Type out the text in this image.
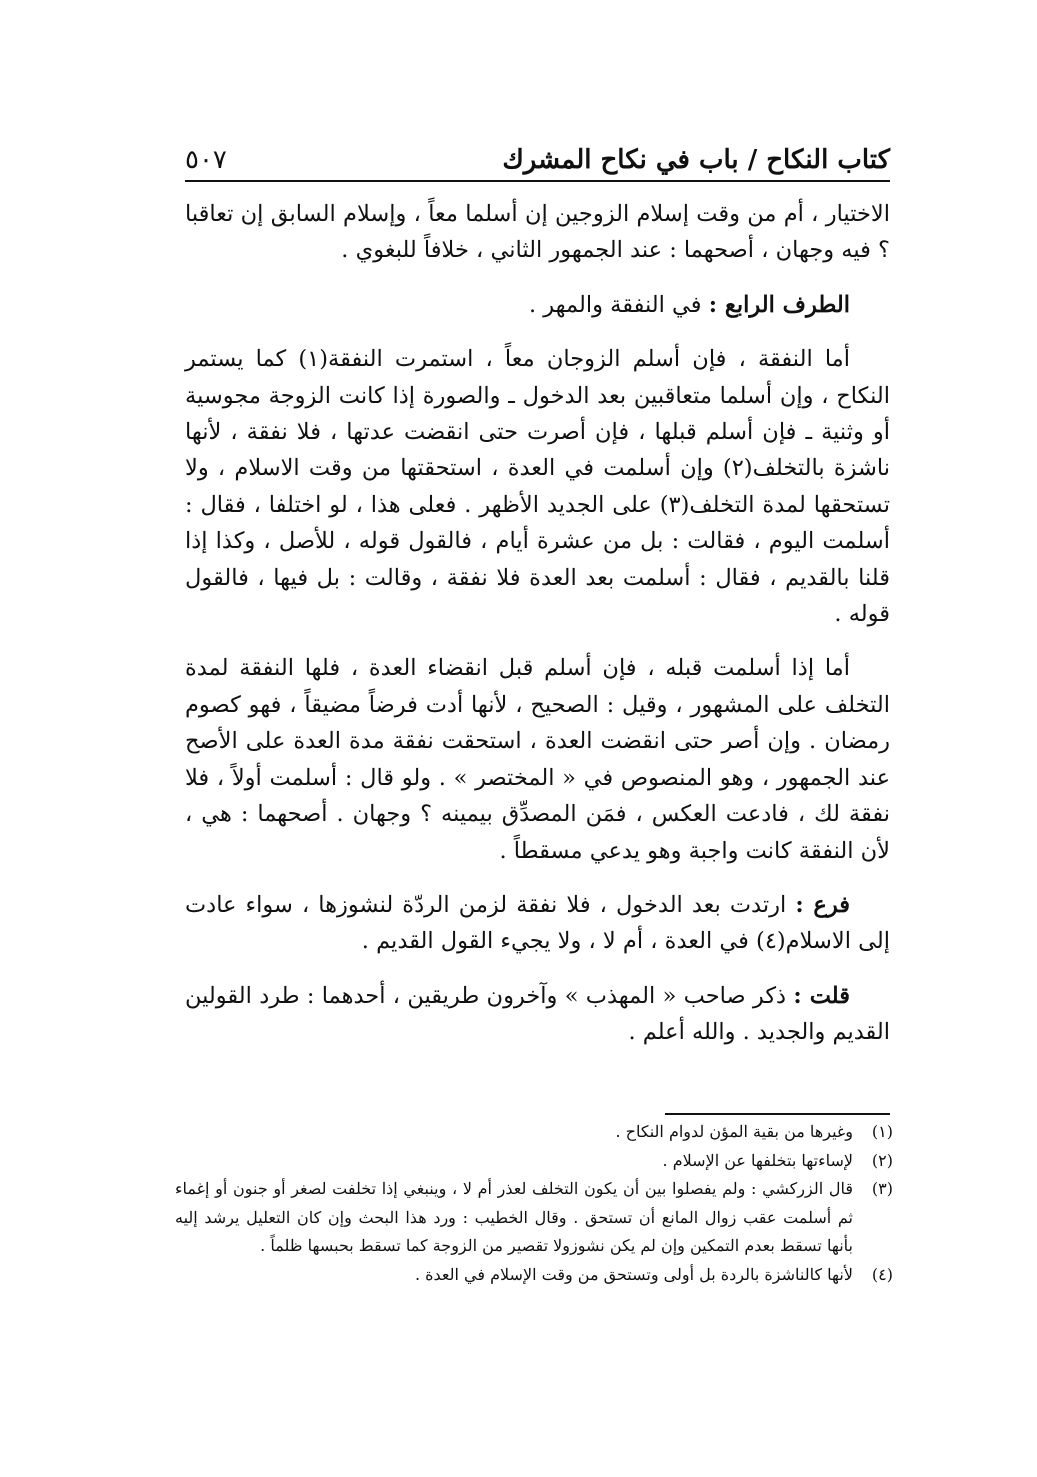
كتاب النكاح / باب في نكاح المشرك
٥٠٧

الاختيار ، أم من وقت إسلام الزوجين إن أسلما معاً ، وإسلام السابق إن تعاقبا ؟ فيه وجهان ، أصحهما : عند الجمهور الثاني ، خلافاً للبغوي .

الطرف الرابع : في النفقة والمهر .

أما النفقة ، فإن أسلم الزوجان معاً ، استمرت النفقة(١) كما يستمر النكاح ، وإن أسلما متعاقبين بعد الدخول ـ والصورة إذا كانت الزوجة مجوسية أو وثنية ـ فإن أسلم قبلها ، فإن أصرت حتى انقضت عدتها ، فلا نفقة ، لأنها ناشزة بالتخلف(٢) وإن أسلمت في العدة ، استحقتها من وقت الاسلام ، ولا تستحقها لمدة التخلف(٣) على الجديد الأظهر . فعلى هذا ، لو اختلفا ، فقال : أسلمت اليوم ، فقالت : بل من عشرة أيام ، فالقول قوله ، للأصل ، وكذا إذا قلنا بالقديم ، فقال : أسلمت بعد العدة فلا نفقة ، وقالت : بل فيها ، فالقول قوله .

أما إذا أسلمت قبله ، فإن أسلم قبل انقضاء العدة ، فلها النفقة لمدة التخلف على المشهور ، وقيل : الصحيح ، لأنها أدت فرضاً مضيقاً ، فهو كصوم رمضان . وإن أصر حتى انقضت العدة ، استحقت نفقة مدة العدة على الأصح عند الجمهور ، وهو المنصوص في « المختصر » . ولو قال : أسلمت أولاً ، فلا نفقة لك ، فادعت العكس ، فمَن المصدِّق بيمينه ؟ وجهان . أصحهما : هي ، لأن النفقة كانت واجبة وهو يدعي مسقطاً .

فرع : ارتدت بعد الدخول ، فلا نفقة لزمن الردّة لنشوزها ، سواء عادت إلى الاسلام(٤) في العدة ، أم لا ، ولا يجيء القول القديم .

قلت : ذكر صاحب « المهذب » وآخرون طريقين ، أحدهما : طرد القولين القديم والجديد . والله أعلم .

(١)
وغيرها من بقية المؤن لدوام النكاح .
(٢)
لإساءتها بتخلفها عن الإسلام .
(٣)
قال الزركشي : ولم يفصلوا بين أن يكون التخلف لعذر أم لا ، وينبغي إذا تخلفت لصغر أو جنون أو إغماء ثم أسلمت عقب زوال المانع أن تستحق . وقال الخطيب : ورد هذا البحث وإن كان التعليل يرشد إليه بأنها تسقط بعدم التمكين وإن لم يكن نشوزولا تقصير من الزوجة كما تسقط بحبسها ظلماً .
(٤)
لأنها كالناشزة بالردة بل أولى وتستحق من وقت الإسلام في العدة .
